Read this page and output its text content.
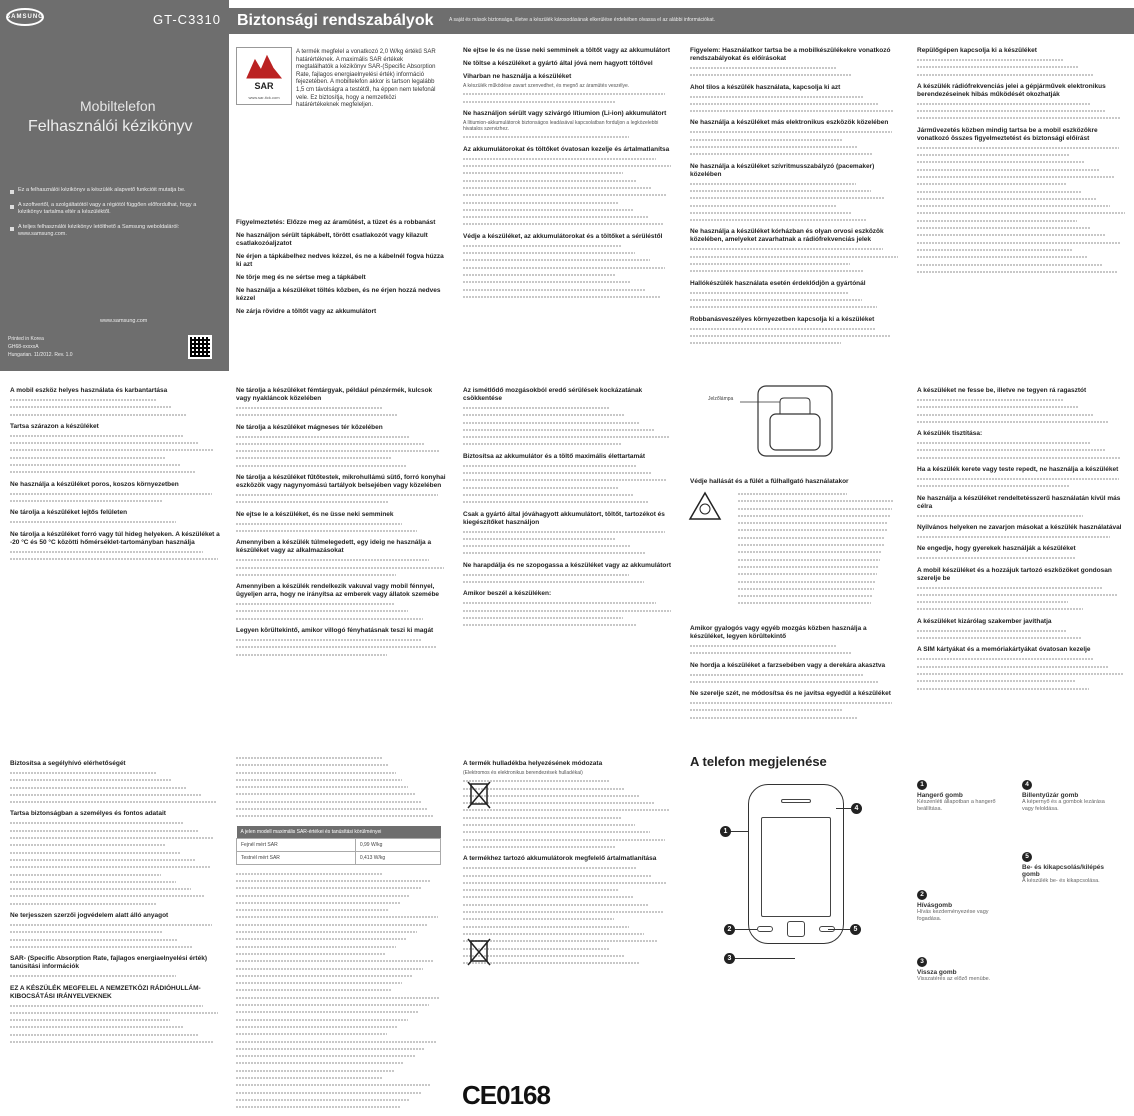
SAMSUNG	GT-C3310
Mobiltelefon
Felhasználói kézikönyv
Ez a felhasználói kézikönyv a készülék alapvető funkcióit mutatja be.
A szoftvertől, a szolgáltatótól vagy a régiótól függően előfordulhat, hogy a kézikönyv tartalma eltér a készüléktől.
A teljes felhasználói kézikönyv letölthető a Samsung weboldaláról: www.samsung.com.
www.samsung.com
Printed in Korea
GH68-xxxxxA
Hungarian. 11/2012. Rev. 1.0
Biztonsági rendszabályok	A saját és mások biztonsága, illetve a készülék károsodásának elkerülése érdekében olvassa el az alábbi információkat.
SAR
www.sar-tick.com
A termék megfelel a vonatkozó 2,0 W/kg értékű SAR határértéknek. A maximális SAR értékek megtalálhatók a kézikönyv SAR-(Specific Absorption Rate, fajlagos energiaelnyelési érték) információ fejezetében. A mobiltelefon akkor is tartson legalább 1,5 cm távolságra a testétől, ha éppen nem telefonál vele. Ez biztosítja, hogy a nemzetközi határértékeknek megfeleljen.
Figyelmeztetés: Előzze meg az áramütést, a tüzet és a robbanást
Ne használjon sérült tápkábelt, törött csatlakozót vagy kilazult csatlakozóaljzatot
Ne érjen a tápkábelhez nedves kézzel, és ne a kábelnél fogva húzza ki azt
Ne törje meg és ne sértse meg a tápkábelt
Ne használja a készüléket töltés közben, és ne érjen hozzá nedves kézzel
Ne zárja rövidre a töltőt vagy az akkumulátort
Ne ejtse le és ne üsse neki semminek a töltőt vagy az akkumulátort
Ne töltse a készüléket a gyártó által jóvá nem hagyott töltővel
Viharban ne használja a készüléket

A készülék működése zavart szenvedhet, és megnő az áramütés veszélye.

Ne használjon sérült vagy szivárgó lítiumion (Li-ion) akkumulátort

A lítiumion-akkumulátorok biztonságos leadásával kapcsolatban forduljon a legközelebbi hivatalos szervizhez.

Az akkumulátorokat és töltőket óvatosan kezelje és ártalmatlanítsa
Védje a készüléket, az akkumulátorokat és a töltőket a sérüléstől
Figyelem: Használatkor tartsa be a mobilkészülékekre vonatkozó rendszabályokat és előírásokat
Ahol tilos a készülék használata, kapcsolja ki azt
Ne használja a készüléket más elektronikus eszközök közelében
Ne használja a készüléket szívritmusszabályzó (pacemaker) közelében
Ne használja a készüléket kórházban és olyan orvosi eszközök közelében, amelyeket zavarhatnak a rádiófrekvenciás jelek
Hallókészülék használata esetén érdeklődjön a gyártónál
Robbanásveszélyes környezetben kapcsolja ki a készüléket
Repülőgépen kapcsolja ki a készüléket
A készülék rádiófrekvenciás jelei a gépjárművek elektronikus berendezéseinek hibás működését okozhatják
Járművezetés közben mindig tartsa be a mobil eszközökre vonatkozó összes figyelmeztetést és biztonsági előírást
A mobil eszköz helyes használata és karbantartása
Tartsa szárazon a készüléket
Ne használja a készüléket poros, koszos környezetben
Ne tárolja a készüléket lejtős felületen
Ne tárolja a készüléket forró vagy túl hideg helyeken. A készüléket a -20 °C és 50 °C közötti hőmérséklet-tartományban használja
Ne tárolja a készüléket fémtárgyak, például pénzérmék, kulcsok vagy nyakláncok közelében
Ne tárolja a készüléket mágneses tér közelében
Ne tárolja a készüléket fűtőtestek, mikrohullámú sütő, forró konyhai eszközök vagy nagynyomású tartályok belsejében vagy közelében
Ne ejtse le a készüléket, és ne üsse neki semminek
Amennyiben a készülék túlmelegedett, egy ideig ne használja a készüléket vagy az alkalmazásokat
Amennyiben a készülék rendelkezik vakuval vagy mobil fénnyel, ügyeljen arra, hogy ne irányítsa az emberek vagy állatok szemébe
Legyen körültekintő, amikor villogó fényhatásnak teszi ki magát
Az ismétlődő mozgásokból eredő sérülések kockázatának csökkentése
Biztosítsa az akkumulátor és a töltő maximális élettartamát
Csak a gyártó által jóváhagyott akkumulátort, töltőt, tartozékot és kiegészítőket használjon
Ne harapdálja és ne szopogassa a készüléket vagy az akkumulátort
Amikor beszél a készüléken:
Jelzőlámpa
Védje hallását és a fülét a fülhallgató használatakor
Amikor gyalogós vagy egyéb mozgás közben használja a készüléket, legyen körültekintő
Ne hordja a készüléket a farzsebében vagy a derekára akasztva
Ne szerelje szét, ne módosítsa és ne javítsa egyedül a készüléket
A készüléket ne fesse be, illetve ne tegyen rá ragasztót
A készülék tisztítása:
Ha a készülék kerete vagy teste repedt, ne használja a készüléket
Ne használja a készüléket rendeltetésszerű használatán kívül más célra
Nyilvános helyeken ne zavarjon másokat a készülék használatával
Ne engedje, hogy gyerekek használják a készüléket
A mobil készüléket és a hozzájuk tartozó eszközöket gondosan szerelje be
A készüléket kizárólag szakember javíthatja
A SIM kártyákat és a memóriakártyákat óvatosan kezelje
Biztosítsa a segélyhívó elérhetőségét
Tartsa biztonságban a személyes és fontos adatait
Ne terjesszen szerzői jogvédelem alatt álló anyagot
SAR- (Specific Absorption Rate, fajlagos energiaelnyelési érték) tanúsítási információk
EZ A KÉSZÜLÉK MEGFELEL A NEMZETKÖZI RÁDIÓHULLÁM-KIBOCSÁTÁSI IRÁNYELVEKNEK
A jelen modell maximális SAR-értékei és tanúsítási körülményei	
Fejnél mért SAR	0,99 W/kg
Testnél mért SAR	0,413 W/kg
A termék hulladékba helyezésének módozata

(Elektromos és elektronikus berendezések hulladékai)

A termékhez tartozó akkumulátorok megfelelő ártalmatlanítása
CE0168
A telefon megjelenése
1
4
2	5
3
1
Hangerő gomb
Készenléti állapotban a hangerő beállítása.
2
Hívásgomb
Hívás kezdeményezése vagy fogadása.
3
Vissza gomb
Visszatérés az előző menübe.
4
Billentyűzár gomb
A képernyő és a gombok lezárása vagy feloldása.
5
Be- és kikapcsolás/kilépés gomb
A készülék be- és kikapcsolása.
